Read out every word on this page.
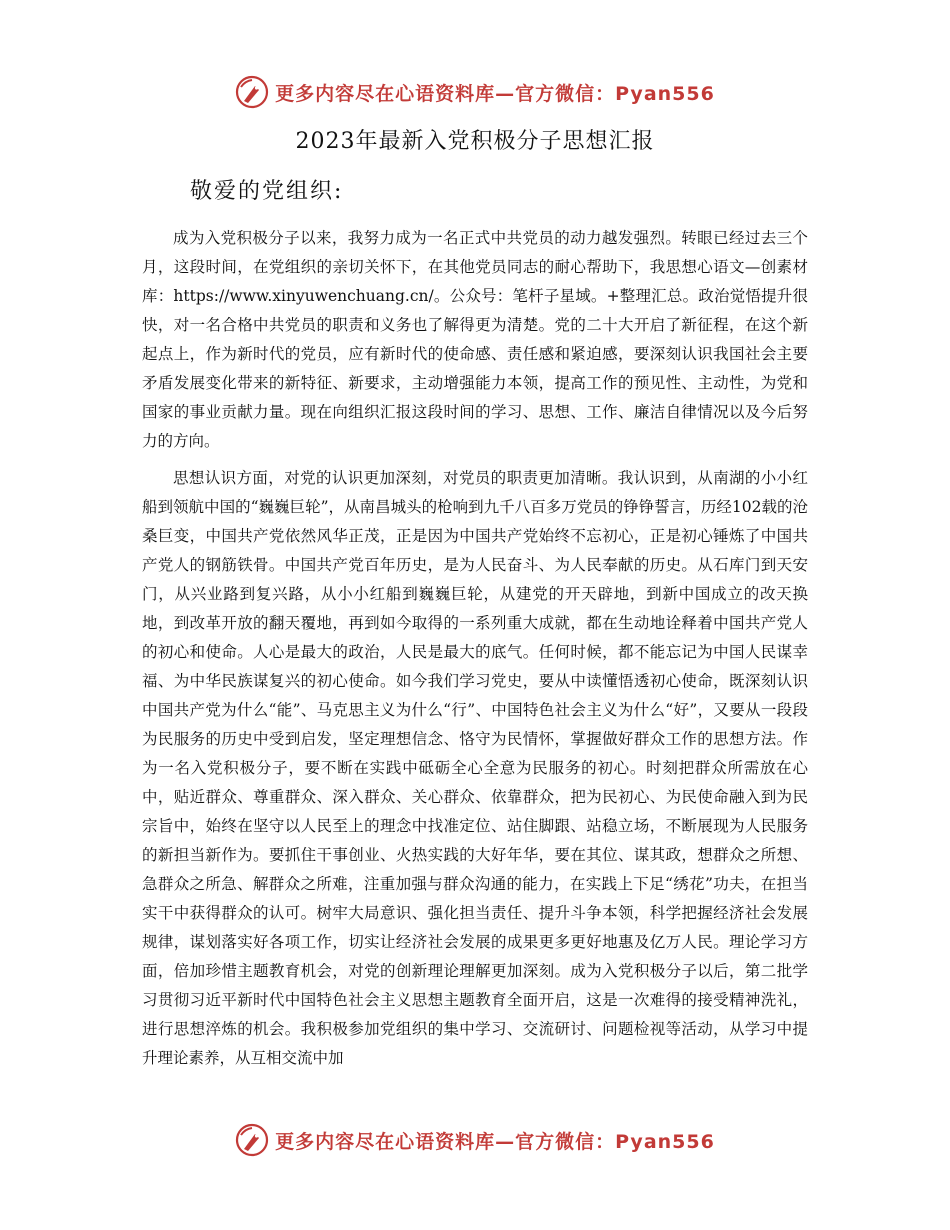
更多内容尽在心语资料库—官方微信：Pyan556
2023年最新入党积极分子思想汇报
敬爱的党组织:

成为入党积极分子以来，我努力成为一名正式中共党员的动力越发强烈。转眼已经过去三个月，这段时间，在党组织的亲切关怀下，在其他党员同志的耐心帮助下，我思想心语文—创素材库：https://www.xinyuwenchuang.cn/。公众号：笔杆子星域。+整理汇总。政治觉悟提升很快，对一名合格中共党员的职责和义务也了解得更为清楚。党的二十大开启了新征程，在这个新起点上，作为新时代的党员，应有新时代的使命感、责任感和紧迫感，要深刻认识我国社会主要矛盾发展变化带来的新特征、新要求，主动增强能力本领，提高工作的预见性、主动性，为党和国家的事业贡献力量。现在向组织汇报这段时间的学习、思想、工作、廉洁自律情况以及今后努力的方向。

思想认识方面，对党的认识更加深刻，对党员的职责更加清晰。我认识到，从南湖的小小红船到领航中国的“巍巍巨轮”，从南昌城头的枪响到九千八百多万党员的铮铮誓言，历经102载的沧桑巨变，中国共产党依然风华正茂，正是因为中国共产党始终不忘初心，正是初心锤炼了中国共产党人的钢筋铁骨。中国共产党百年历史，是为人民奋斗、为人民奉献的历史。从石库门到天安门，从兴业路到复兴路，从小小红船到巍巍巨轮，从建党的开天辟地，到新中国成立的改天换地，到改革开放的翻天覆地，再到如今取得的一系列重大成就，都在生动地诠释着中国共产党人的初心和使命。人心是最大的政治，人民是最大的底气。任何时候，都不能忘记为中国人民谋幸福、为中华民族谋复兴的初心使命。如今我们学习党史，要从中读懂悟透初心使命，既深刻认识中国共产党为什么“能”、马克思主义为什么“行”、中国特色社会主义为什么“好”，又要从一段段为民服务的历史中受到启发，坚定理想信念、恪守为民情怀，掌握做好群众工作的思想方法。作为一名入党积极分子，要不断在实践中砥砺全心全意为民服务的初心。时刻把群众所需放在心中，贴近群众、尊重群众、深入群众、关心群众、依靠群众，把为民初心、为民使命融入到为民宗旨中，始终在坚守以人民至上的理念中找准定位、站住脚跟、站稳立场，不断展现为人民服务的新担当新作为。要抓住干事创业、火热实践的大好年华，要在其位、谋其政，想群众之所想、急群众之所急、解群众之所难，注重加强与群众沟通的能力，在实践上下足“绣花”功夫，在担当实干中获得群众的认可。树牢大局意识、强化担当责任、提升斗争本领，科学把握经济社会发展规律，谋划落实好各项工作，切实让经济社会发展的成果更多更好地惠及亿万人民。理论学习方面，倍加珍惜主题教育机会，对党的创新理论理解更加深刻。成为入党积极分子以后，第二批学习贯彻习近平新时代中国特色社会主义思想主题教育全面开启，这是一次难得的接受精神洗礼，进行思想淬炼的机会。我积极参加党组织的集中学习、交流研讨、问题检视等活动，从学习中提升理论素养，从互相交流中加

更多内容尽在心语资料库—官方微信：Pyan556
